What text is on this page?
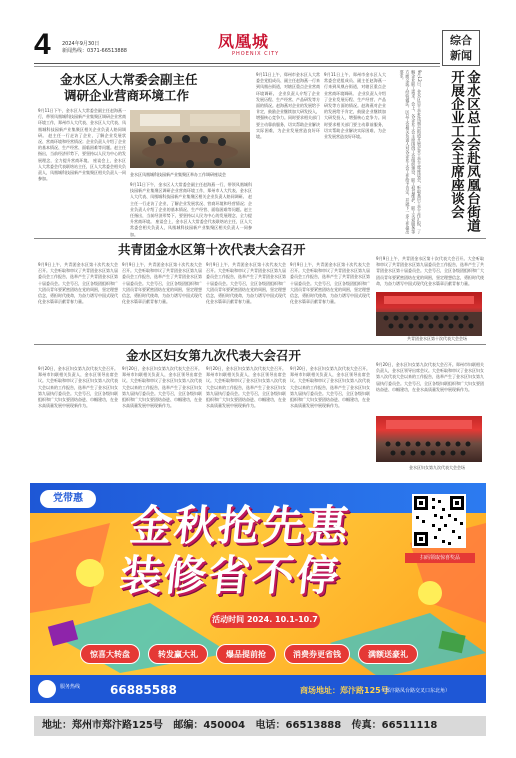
4 2024年9月30日
新闻热线：0371-66513888	凤凰城
PHOENIX CITY
综合
新闻
金水区人大常委会副主任
调研企业营商环境工作
9月11日下午，金水区人大常委会副主任赵海燕一行，带领凤凰城科技园新产业集聚区调研企业营商环境工作，郑州市人大代表、金水区人大代表、凤凰城科技园新产业集聚区相关企业负责人陪同调研。 赵主任一行走访了企业，了解企业发展状况、营商环境和经营情况；企业负责人介绍了企业的基本情况、生产经营、面临困难等问题。赵主任指出，当前经济形势下，要坚持以人民为中心的发展理念，全力提升营商环境。 座谈会上，金水区人大常委会代表联络站主任，区人大常委会相关负责人，凤凰城科技园新产业集聚区相关负责人一同参加。
金水区凤凰城科技园新产业集聚区举办工作调研座谈会
9月11日下午，金水区人大常委会副主任赵海燕一行，带领凤凰城科技园新产业集聚区调研企业营商环境工作，郑州市人大代表、金水区人大代表、凤凰城科技园新产业集聚区相关企业负责人陪同调研。 赵主任一行走访了企业，了解企业发展状况、营商环境和经营情况；企业负责人介绍了企业的基本情况、生产经营、面临困难等问题。赵主任指出，当前经济形势下，要坚持以人民为中心的发展理念，全力提升营商环境。 座谈会上，金水区人大常委会代表联络站主任，区人大常委会相关负责人，凤凰城科技园新产业集聚区相关负责人一同参加。
9月11日上午，郑州市金水区人大常委会党组成员、副主任赵海燕一行来到凤凰台街道，对辖区重点企业营商环境调研。 企业负责人介绍了企业发展历程、生产经营、产品研发等方面的情况。赵海燕对企业的发展给予肯定，鼓励企业继续加大研发投入，增强核心竞争力。同时要求相关部门要主动靠前服务，切实帮助企业解决实际困难，为企业发展营造良好环境。
9月11日上午，郑州市金水区人大常委会党组成员、副主任赵海燕一行来到凤凰台街道，对辖区重点企业营商环境调研。 企业负责人介绍了企业发展历程、生产经营、产品研发等方面的情况。赵海燕对企业的发展给予肯定，鼓励企业继续加大研发投入，增强核心竞争力。同时要求相关部门要主动靠前服务，切实帮助企业解决实际困难，为企业发展营造良好环境。	9月12日，金水区总工会赴凤凰台街道开展企业工会主席座谈会，听取基层工会工作汇报，了解企业职工需求。会上，各企业工会主席围绕工会组织建设、职工权益维护、职工关爱服务等方面交流了经验做法。区总工会相关负责人对各企业工会工作给予肯定，并就下一步工作提出要求。	金水区总工会赴凤凰台街道开展企业工会主席座谈会
共青团金水区第十次代表大会召开
9月9日上午，共青团金水区第十次代表大会召开。大会听取和审议了共青团金水区第九届委员会工作报告，选举产生了共青团金水区第十届委员会。大会号召，全区各级团组织和广大团员青年要紧密团结在党的周围，坚定理想信念，勇担时代使命，为奋力谱写中国式现代化金水篇章贡献青春力量。
9月9日上午，共青团金水区第十次代表大会召开。大会听取和审议了共青团金水区第九届委员会工作报告，选举产生了共青团金水区第十届委员会。大会号召，全区各级团组织和广大团员青年要紧密团结在党的周围，坚定理想信念，勇担时代使命，为奋力谱写中国式现代化金水篇章贡献青春力量。
9月9日上午，共青团金水区第十次代表大会召开。大会听取和审议了共青团金水区第九届委员会工作报告，选举产生了共青团金水区第十届委员会。大会号召，全区各级团组织和广大团员青年要紧密团结在党的周围，坚定理想信念，勇担时代使命，为奋力谱写中国式现代化金水篇章贡献青春力量。
9月9日上午，共青团金水区第十次代表大会召开。大会听取和审议了共青团金水区第九届委员会工作报告，选举产生了共青团金水区第十届委员会。大会号召，全区各级团组织和广大团员青年要紧密团结在党的周围，坚定理想信念，勇担时代使命，为奋力谱写中国式现代化金水篇章贡献青春力量。
9月9日上午，共青团金水区第十次代表大会召开。大会听取和审议了共青团金水区第九届委员会工作报告，选举产生了共青团金水区第十届委员会。大会号召，全区各级团组织和广大团员青年要紧密团结在党的周围，坚定理想信念，勇担时代使命，为奋力谱写中国式现代化金水篇章贡献青春力量。
共青团金水区第十次代表大会会场
金水区妇女第九次代表大会召开
9月20日，金水区妇女第九次代表大会召开。郑州市妇联相关负责人，金水区领导出席会议。大会听取和审议了金水区妇女第八次代表大会以来的工作报告，选举产生了金水区妇女第九届执行委员会。大会号召，全区各级妇联组织和广大妇女要团结奋进、巾帼建功，在金水高质量发展中展现新作为。
9月20日，金水区妇女第九次代表大会召开。郑州市妇联相关负责人，金水区领导出席会议。大会听取和审议了金水区妇女第八次代表大会以来的工作报告，选举产生了金水区妇女第九届执行委员会。大会号召，全区各级妇联组织和广大妇女要团结奋进、巾帼建功，在金水高质量发展中展现新作为。
9月20日，金水区妇女第九次代表大会召开。郑州市妇联相关负责人，金水区领导出席会议。大会听取和审议了金水区妇女第八次代表大会以来的工作报告，选举产生了金水区妇女第九届执行委员会。大会号召，全区各级妇联组织和广大妇女要团结奋进、巾帼建功，在金水高质量发展中展现新作为。
9月20日，金水区妇女第九次代表大会召开。郑州市妇联相关负责人，金水区领导出席会议。大会听取和审议了金水区妇女第八次代表大会以来的工作报告，选举产生了金水区妇女第九届执行委员会。大会号召，全区各级妇联组织和广大妇女要团结奋进、巾帼建功，在金水高质量发展中展现新作为。
9月20日，金水区妇女第九次代表大会召开。郑州市妇联相关负责人，金水区领导出席会议。大会听取和审议了金水区妇女第八次代表大会以来的工作报告，选举产生了金水区妇女第九届执行委员会。大会号召，全区各级妇联组织和广大妇女要团结奋进、巾帼建功，在金水高质量发展中展现新作为。
金水区妇女第九次代表大会会场
党带惠
金秋抢先惠
装修省不停
活动时间 2024. 10.1-10.7
惊喜大转盘	转发赢大礼	爆品提前抢	消费券更省钱	满额送豪礼
服务热线 66885588	商场地址：郑汴路125号
（郑汴路凤台路交叉口东北角）
扫码领取惊喜奖品
地址：郑州市郑汴路125号 邮编：450004 电话：66513888 传真：66511118
